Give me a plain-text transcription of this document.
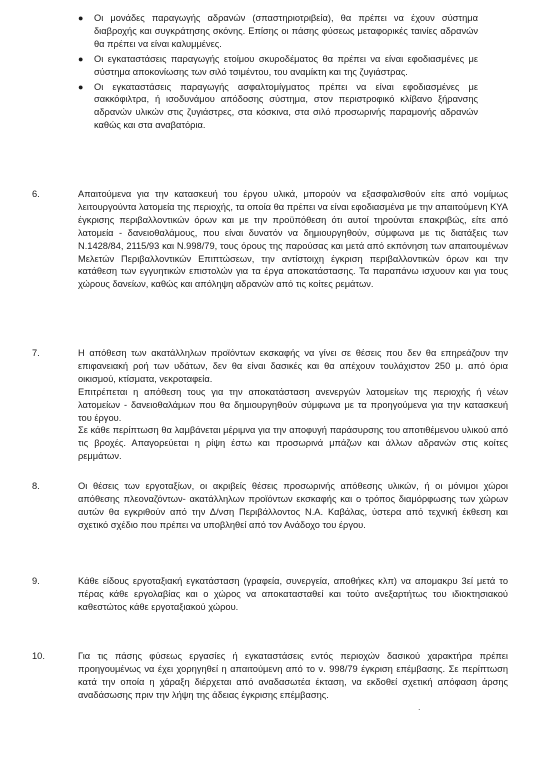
● Οι μονάδες παραγωγής αδρανών (σπαστηριοτριβεία), θα πρέπει να έχουν σύστημα διαβροχής και συγκράτησης σκόνης. Επίσης οι πάσης φύσεως μεταφορικές ταινίες αδρανών θα πρέπει να είναι καλυμμένες.

● Οι εγκαταστάσεις παραγωγής ετοίμου σκυροδέματος θα πρέπει να είναι εφοδιασμένες με σύστημα αποκονίωσης των σιλό τσιμέντου, του αναμίκτη και της ζυγιάστρας.

● Οι εγκαταστάσεις παραγωγής ασφαλτομίγματος πρέπει να είναι εφοδιασμένες με σακκόφιλτρα, ή ισοδυνάμου απόδοσης σύστημα, στον περιστροφικό κλίβανο ξήρανσης αδρανών υλικών στις ζυγιάστρες, στα κόσκινα, στα σιλό προσωρινής παραμονής αδρανών καθώς και στα αναβατόρια.

6.	Απαιτούμενα για την κατασκευή του έργου υλικά, μπορούν να εξασφαλισθούν είτε από νομίμως λειτουργούντα λατομεία της περιοχής, τα οποία θα πρέπει να είναι εφοδιασμένα με την απαιτούμενη ΚΥΑ έγκρισης περιβαλλοντικών όρων και με την προϋπόθεση ότι αυτοί τηρούνται επακριβώς, είτε από λατομεία - δανειοθαλάμους, που είναι δυνατόν να δημιουργηθούν, σύμφωνα με τις διατάξεις των Ν.1428/84, 2115/93 και Ν.998/79, τους όρους της παρούσας και μετά από εκπόνηση των απαιτουμένων Μελετών Περιβαλλοντικών Επιπτώσεων, την αντίστοιχη έγκριση περιβαλλοντικών όρων και την κατάθεση των εγγυητικών επιστολών για τα έργα αποκατάστασης. Τα παραπάνω ισχυουν και για τους χώρους δανείων, καθώς και απόληψη αδρανών από τις κοίτες ρεμάτων.

7.	Η απόθεση των ακατάλληλων προϊόντων εκσκαφής να γίνει σε θέσεις που δεν θα επηρεάζουν την επιφανειακή ροή των υδάτων, δεν θα είναι δασικές και θα απέχουν τουλάχιστον 250 μ. από όρια οικισμού, κτίσματα, νεκροταφεία.

Επιτρέπεται η απόθεση τους για την αποκατάσταση ανενεργών λατομείων της περιοχής ή νέων λατομείων - δανειοθαλάμων που θα δημιουργηθούν σύμφωνα με τα προηγούμενα για την κατασκευή του έργου.

Σε κάθε περίπτωση θα λαμβάνεται μέριμνα για την αποφυγή παράσυρσης του αποτιθέμενου υλικού από τις βροχές. Απαγορεύεται η ρίψη έστω και προσωρινά μπάζων και άλλων αδρανών στις κοίτες ρεμμάτων.

8.	Οι θέσεις των εργοταξίων, οι ακριβείς θέσεις προσωρινής απόθεσης υλικών, ή οι μόνιμοι χώροι απόθεσης πλεοναζόντων- ακατάλληλων προϊόντων εκσκαφής και ο τρόπος διαμόρφωσης των χώρων αυτών θα εγκριθούν από την Δ/νση Περιβάλλοντος Ν.Α. Καβάλας, ύστερα από τεχνική έκθεση και σχετικό σχέδιο που πρέπει να υποβληθεί από τον Ανάδοχο του έργου.

9.	Κάθε είδους εργοταξιακή εγκατάσταση (γραφεία, συνεργεία, αποθήκες κλπ) να απομακρυ 3εί μετά το πέρας κάθε εργολαβίας και ο χώρος να αποκατασταθεί και τούτο ανεξαρτήτως του ιδιοκτησιακού καθεστώτος κάθε εργοταξιακού χώρου.

10.	Για τις πάσης φύσεως εργασίες ή εγκαταστάσεις εντός περιοχών δασικού χαρακτήρα πρέπει προηγουμένως να έχει χορηγηθεί η απαιτούμενη από το ν. 998/79 έγκριση επέμβασης. Σε περίπτωση κατά την οποία η χάραξη διέρχεται από αναδασωτέα έκταση, να εκδοθεί σχετική απόφαση άρσης αναδάσωσης πριν την λήψη της άδειας έγκρισης επέμβασης.

.
